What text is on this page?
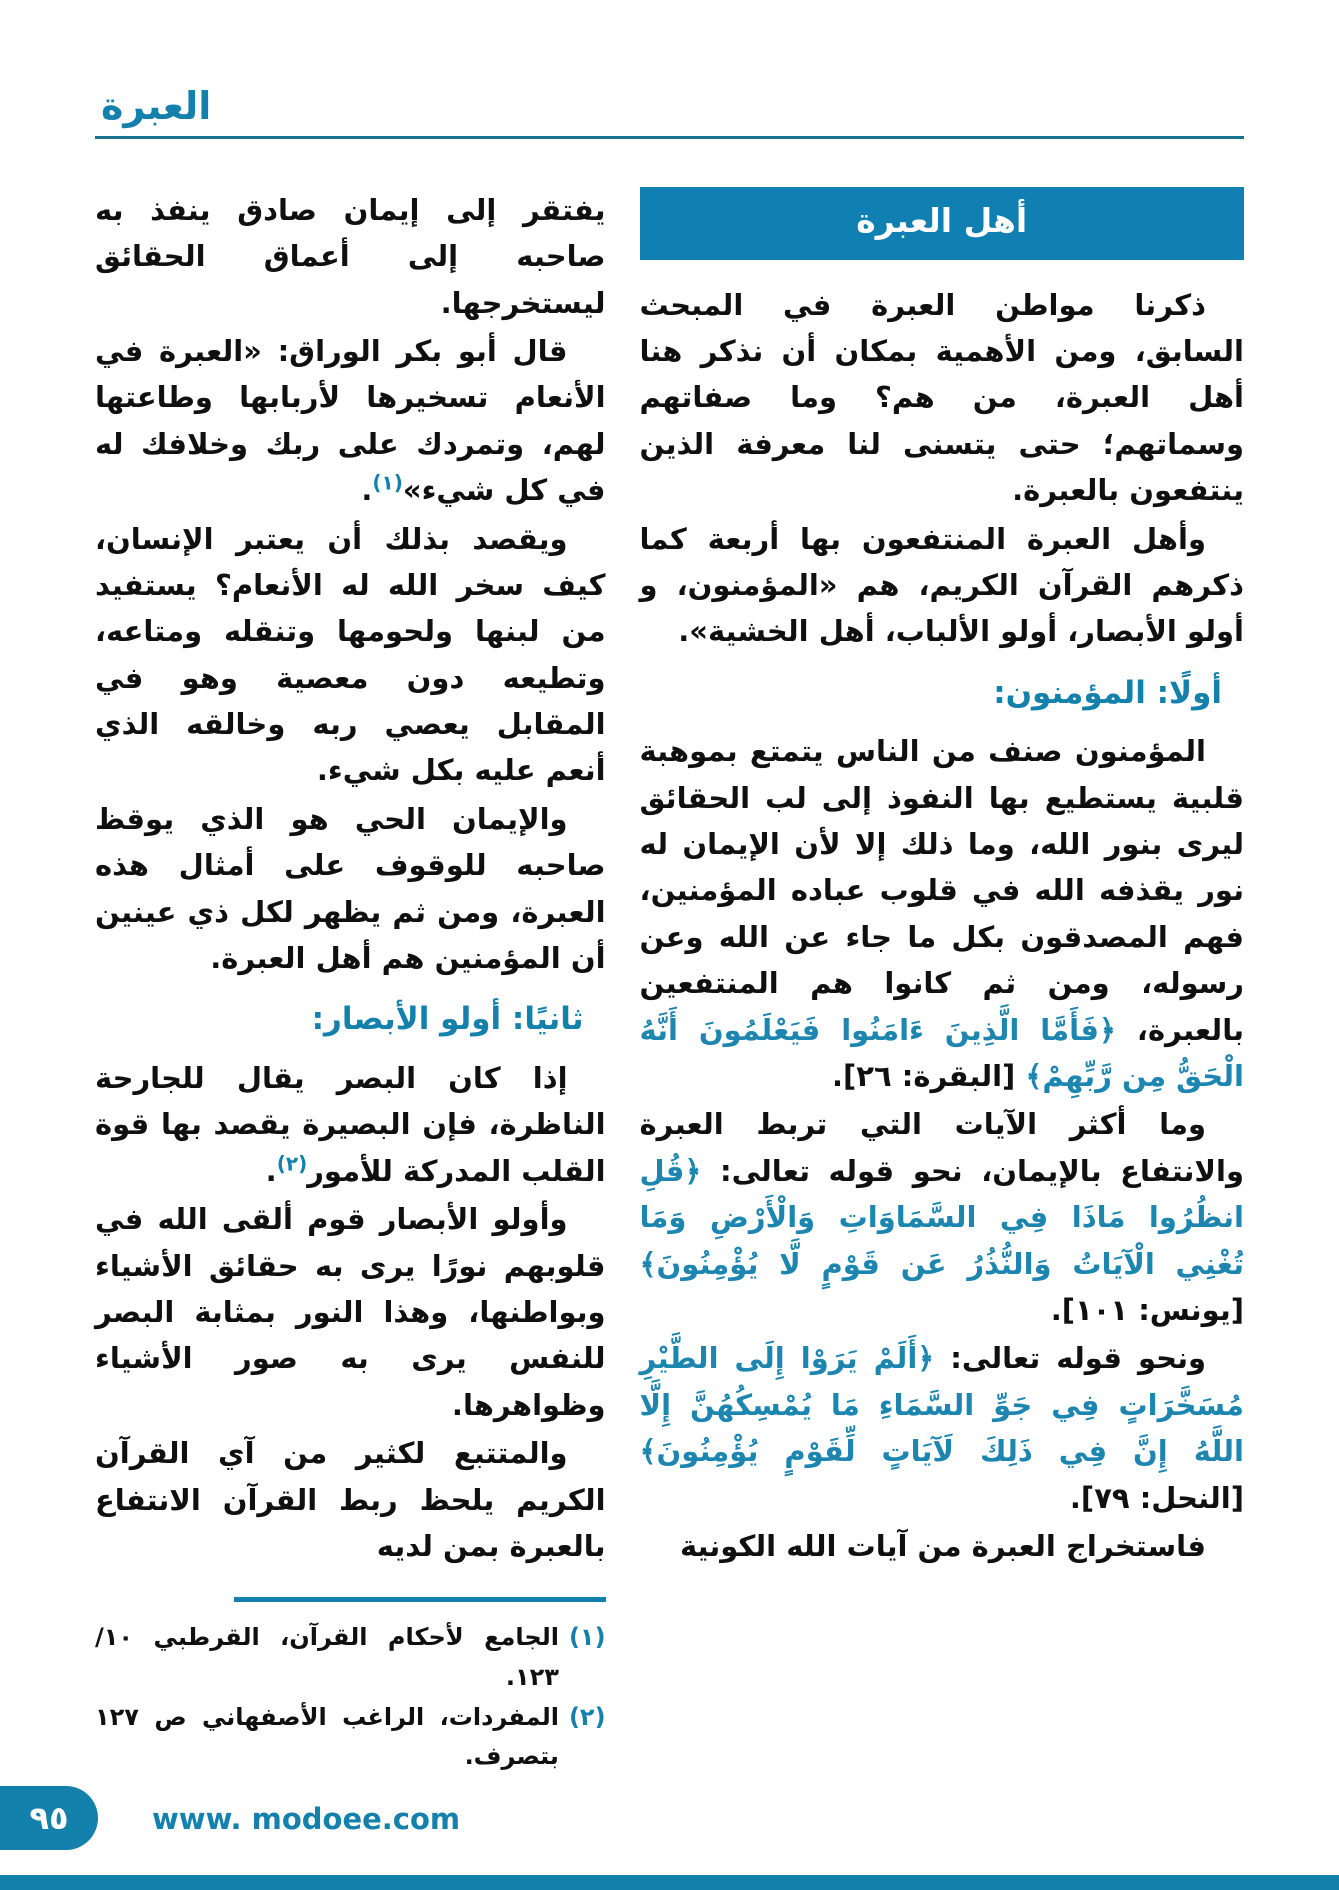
العبرة
أهل العبرة

ذكرنا مواطن العبرة في المبحث السابق، ومن الأهمية بمكان أن نذكر هنا أهل العبرة، من هم؟ وما صفاتهم وسماتهم؛ حتى يتسنى لنا معرفة الذين ينتفعون بالعبرة.

وأهل العبرة المنتفعون بها أربعة كما ذكرهم القرآن الكريم، هم «المؤمنون، و أولو الأبصار، أولو الألباب، أهل الخشية».

أولًا: المؤمنون:

المؤمنون صنف من الناس يتمتع بموهبة قلبية يستطيع بها النفوذ إلى لب الحقائق ليرى بنور الله، وما ذلك إلا لأن الإيمان له نور يقذفه الله في قلوب عباده المؤمنين، فهم المصدقون بكل ما جاء عن الله وعن رسوله، ومن ثم كانوا هم المنتفعين بالعبرة، ﴿فَأَمَّا الَّذِينَ ءَامَنُوا فَيَعْلَمُونَ أَنَّهُ الْحَقُّ مِن رَّبِّهِمْ﴾ [البقرة: ٢٦].

وما أكثر الآيات التي تربط العبرة والانتفاع بالإيمان، نحو قوله تعالى: ﴿قُلِ انظُرُوا مَاذَا فِي السَّمَاوَاتِ وَالْأَرْضِ وَمَا تُغْنِي الْآيَاتُ وَالنُّذُرُ عَن قَوْمٍ لَّا يُؤْمِنُونَ﴾ [يونس: ١٠١].

ونحو قوله تعالى: ﴿أَلَمْ يَرَوْا إِلَى الطَّيْرِ مُسَخَّرَاتٍ فِي جَوِّ السَّمَاءِ مَا يُمْسِكُهُنَّ إِلَّا اللَّهُ إِنَّ فِي ذَلِكَ لَآيَاتٍ لِّقَوْمٍ يُؤْمِنُونَ﴾ [النحل: ٧٩].

فاستخراج العبرة من آيات الله الكونية

يفتقر إلى إيمان صادق ينفذ به صاحبه إلى أعماق الحقائق ليستخرجها.

قال أبو بكر الوراق: «العبرة في الأنعام تسخيرها لأربابها وطاعتها لهم، وتمردك على ربك وخلافك له في كل شيء»$^{(١)}$.

ويقصد بذلك أن يعتبر الإنسان، كيف سخر الله له الأنعام؟ يستفيد من لبنها ولحومها وتنقله ومتاعه، وتطيعه دون معصية وهو في المقابل يعصي ربه وخالقه الذي أنعم عليه بكل شيء.

والإيمان الحي هو الذي يوقظ صاحبه للوقوف على أمثال هذه العبرة، ومن ثم يظهر لكل ذي عينين أن المؤمنين هم أهل العبرة.

ثانيًا: أولو الأبصار:

إذا كان البصر يقال للجارحة الناظرة، فإن البصيرة يقصد بها قوة القلب المدركة للأمور$^{(٢)}$.

وأولو الأبصار قوم ألقى الله في قلوبهم نورًا يرى به حقائق الأشياء وبواطنها، وهذا النور بمثابة البصر للنفس يرى به صور الأشياء وظواهرها.

والمتتبع لكثير من آي القرآن الكريم يلحظ ربط القرآن الانتفاع بالعبرة بمن لديه

(١)
الجامع لأحكام القرآن، القرطبي ١٠/ ١٢٣.
(٢)
المفردات، الراغب الأصفهاني ص ١٢٧ بتصرف.
٩٥	www. modoee.com
